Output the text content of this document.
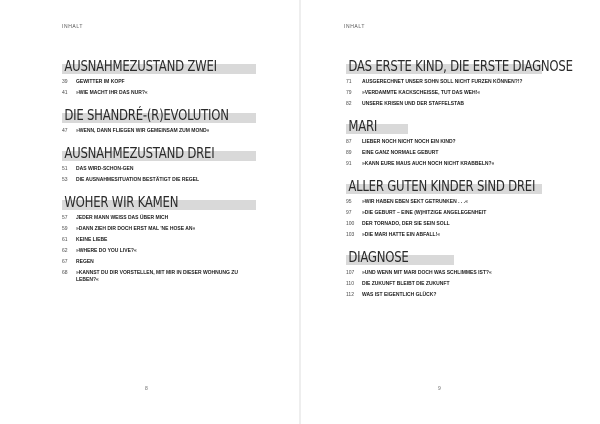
INHALT
AUSNAHMEZUSTAND ZWEI
39	GEWITTER IM KOPF
41	»WIE MACHT IHR DAS NUR?«
DIE SHANDRÉ-(R)EVOLUTION
47	»WENN, DANN FLIEGEN WIR GEMEINSAM ZUM MOND«
AUSNAHMEZUSTAND DREI
51	DAS WIRD-SCHON-GEN
53	DIE AUSNAHMESITUATION BESTÄTIGT DIE REGEL
WOHER WIR KAMEN
57	JEDER MANN WEISS DAS ÜBER MICH
59	»DANN ZIEH DIR DOCH ERST MAL 'NE HOSE AN«
61	KEINE LIEBE
62	»WHERE DO YOU LIVE?«
67	REGEN
68	»KANNST DU DIR VORSTELLEN, MIT MIR IN DIESER WOHNUNG ZU LEBEN?«
8
INHALT
DAS ERSTE KIND, DIE ERSTE DIAGNOSE
71	AUSGERECHNET UNSER SOHN SOLL NICHT FURZEN KÖNNEN?!?
79	»VERDAMMTE KACKSCHEISSE, TUT DAS WEH!«
82	UNSERE KRISEN UND DER STAFFELSTAB
MARI
87	LIEBER NOCH NICHT NOCH EIN KIND?
89	EINE GANZ NORMALE GEBURT
91	»KANN EURE MAUS AUCH NOCH NICHT KRABBELN?«
ALLER GUTEN KINDER SIND DREI
95	»WIR HABEN EBEN SEKT GETRUNKEN . . .«
97	»DIE GEBURT – EINE (W)HITZIGE ANGELEGENHEIT
100	DER TORNADO, DER SIE SEIN SOLL
103	»DIE MARI HATTE EIN ABFALL!«
DIAGNOSE
107	»UND WENN MIT MARI DOCH WAS SCHLIMMES IST?«
110	DIE ZUKUNFT BLEIBT DIE ZUKUNFT
112	WAS IST EIGENTLICH GLÜCK?
9
